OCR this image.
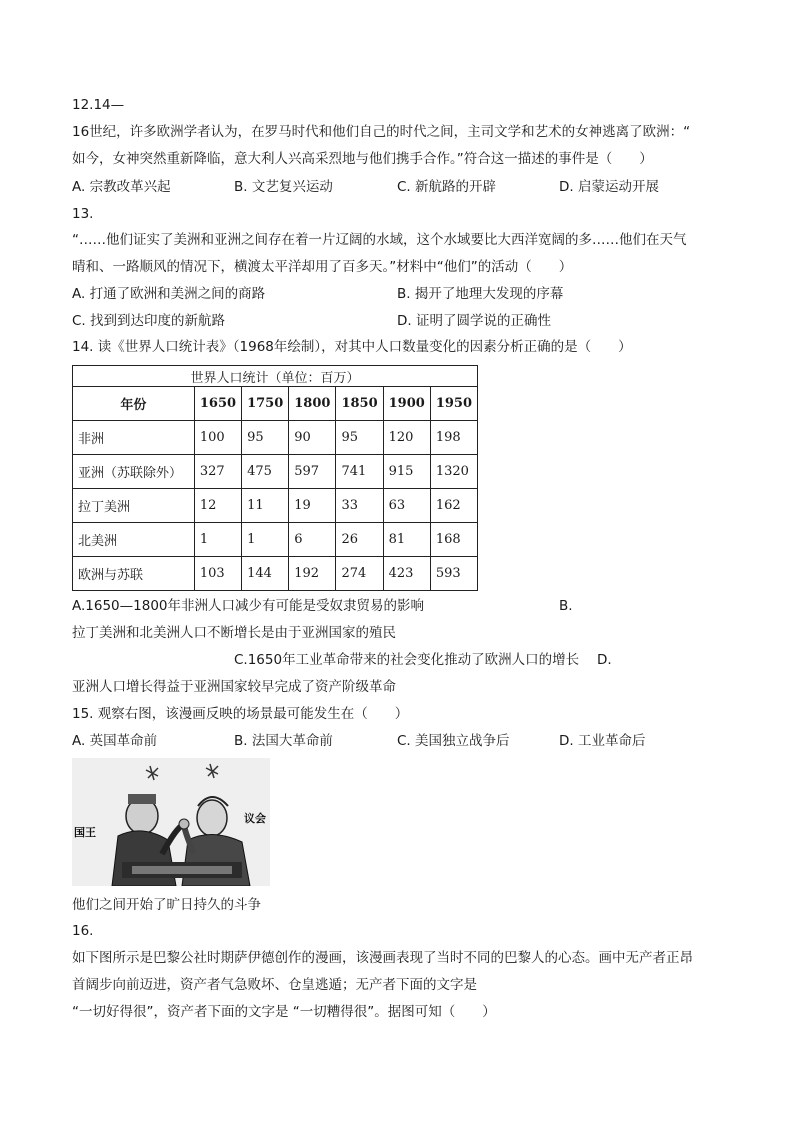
12.14—
16世纪，许多欧洲学者认为，在罗马时代和他们自己的时代之间，主司文学和艺术的女神逃离了欧洲：“
如今，女神突然重新降临，意大利人兴高采烈地与他们携手合作。”符合这一描述的事件是（　　）
A. 宗教改革兴起	B. 文艺复兴运动	C. 新航路的开辟	D. 启蒙运动开展
13.
“……他们证实了美洲和亚洲之间存在着一片辽阔的水域，这个水域要比大西洋宽阔的多……他们在天气
晴和、一路顺风的情况下，横渡太平洋却用了百多天。”材料中“他们”的活动（　　）
A. 打通了欧洲和美洲之间的商路	B. 揭开了地理大发现的序幕
C. 找到到达印度的新航路	D. 证明了圆学说的正确性
14. 读《世界人口统计表》（1968年绘制），对其中人口数量变化的因素分析正确的是（　　）
世界人口统计（单位：百万）						
年份	1650	1750	1800	1850	1900	1950
非洲	100	95	90	95	120	198
亚洲（苏联除外）	327	475	597	741	915	1320
拉丁美洲	12	11	19	33	63	162
北美洲	1	1	6	26	81	168
欧洲与苏联	103	144	192	274	423	593
A.1650—1800年非洲人口减少有可能是受奴隶贸易的影响	B.
拉丁美洲和北美洲人口不断增长是由于亚洲国家的殖民
C.1650年工业革命带来的社会变化推动了欧洲人口的增长 D.
亚洲人口增长得益于亚洲国家较早完成了资产阶级革命
15. 观察右图，该漫画反映的场景最可能发生在（　　）
A. 英国革命前	B. 法国大革命前	C. 美国独立战争后	D. 工业革命后
国王
议会
他们之间开始了旷日持久的斗争
16.
如下图所示是巴黎公社时期萨伊德创作的漫画，该漫画表现了当时不同的巴黎人的心态。画中无产者正昂
首阔步向前迈进，资产者气急败坏、仓皇逃遁；无产者下面的文字是
“一切好得很”，资产者下面的文字是 “一切糟得很”。据图可知（　　）
